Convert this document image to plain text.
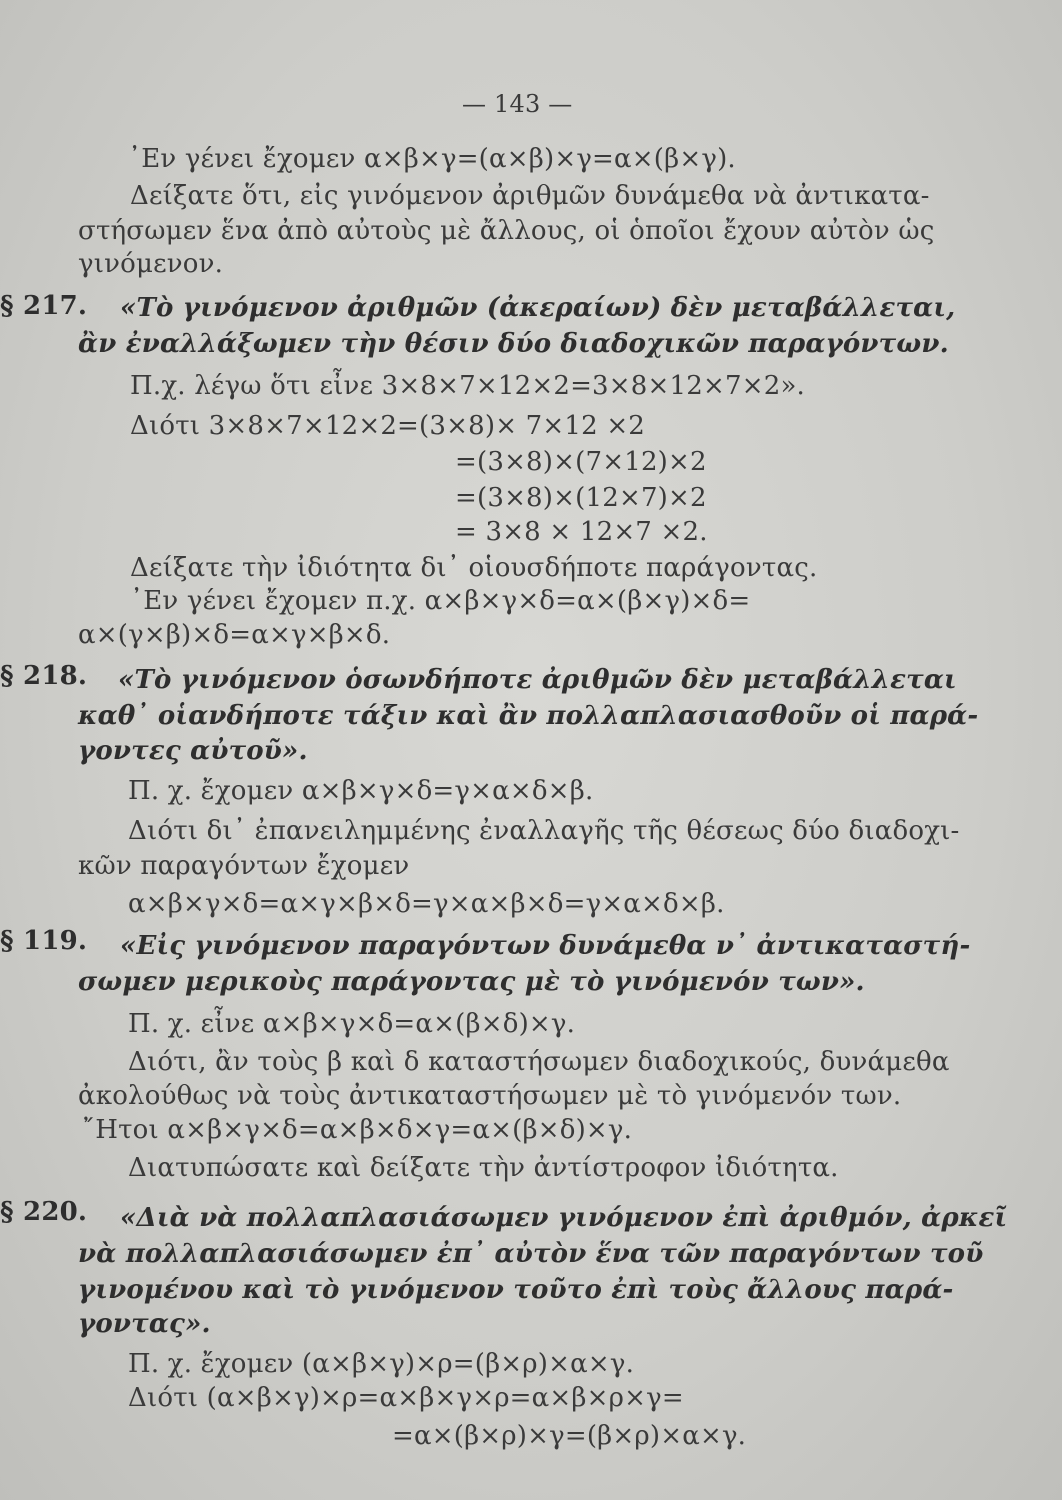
— 143 —
᾿Εν γένει ἔχομεν α×β×γ=(α×β)×γ=α×(β×γ).
Δείξατε ὅτι, εἰς γινόμενον ἀριθμῶν δυνάμεθα νὰ ἀντικατα-
στήσωμεν ἕνα ἀπὸ αὐτοὺς μὲ ἄλλους, οἱ ὁποῖοι ἔχουν αὐτὸν ὡς
γινόμενον.
§ 217. «Τὸ γινόμενον ἀριθμῶν (ἀκεραίων) δὲν μεταβάλλεται,
ἂν ἐναλλάξωμεν τὴν θέσιν δύο διαδοχικῶν παραγόντων.
Π.χ. λέγω ὅτι εἶνε 3×8×7×12×2=3×8×12×7×2».
Διότι 3×8×7×12×2=(3×8)× 7×12 ×2
=(3×8)×(7×12)×2
=(3×8)×(12×7)×2
= 3×8 × 12×7 ×2.
Δείξατε τὴν ἰδιότητα δι᾿ οἱουσδήποτε παράγοντας.
᾿Εν γένει ἔχομεν π.χ. α×β×γ×δ=α×(β×γ)×δ=
α×(γ×β)×δ=α×γ×β×δ.
§ 218. «Τὸ γινόμενον ὁσωνδήποτε ἀριθμῶν δὲν μεταβάλλεται
καθ᾿ οἱανδήποτε τάξιν καὶ ἂν πολλαπλασιασθοῦν οἱ παρά-
γοντες αὐτοῦ».
Π. χ. ἔχομεν α×β×γ×δ=γ×α×δ×β.
Διότι δι᾿ ἐπανειλημμένης ἐναλλαγῆς τῆς θέσεως δύο διαδοχι-
κῶν παραγόντων ἔχομεν
α×β×γ×δ=α×γ×β×δ=γ×α×β×δ=γ×α×δ×β.
§ 119. «Εἰς γινόμενον παραγόντων δυνάμεθα ν᾿ ἀντικαταστή-
σωμεν μερικοὺς παράγοντας μὲ τὸ γινόμενόν των».
Π. χ. εἶνε α×β×γ×δ=α×(β×δ)×γ.
Διότι, ἂν τοὺς β καὶ δ καταστήσωμεν διαδοχικούς, δυνάμεθα
ἀκολούθως νὰ τοὺς ἀντικαταστήσωμεν μὲ τὸ γινόμενόν των.
῎Ητοι α×β×γ×δ=α×β×δ×γ=α×(β×δ)×γ.
Διατυπώσατε καὶ δείξατε τὴν ἀντίστροφον ἰδιότητα.
§ 220. «Διὰ νὰ πολλαπλασιάσωμεν γινόμενον ἐπὶ ἀριθμόν, ἀρκεῖ
νὰ πολλαπλασιάσωμεν ἐπ᾿ αὐτὸν ἕνα τῶν παραγόντων τοῦ
γινομένου καὶ τὸ γινόμενον τοῦτο ἐπὶ τοὺς ἄλλους παρά-
γοντας».
Π. χ. ἔχομεν (α×β×γ)×ρ=(β×ρ)×α×γ.
Διότι (α×β×γ)×ρ=α×β×γ×ρ=α×β×ρ×γ=
=α×(β×ρ)×γ=(β×ρ)×α×γ.
